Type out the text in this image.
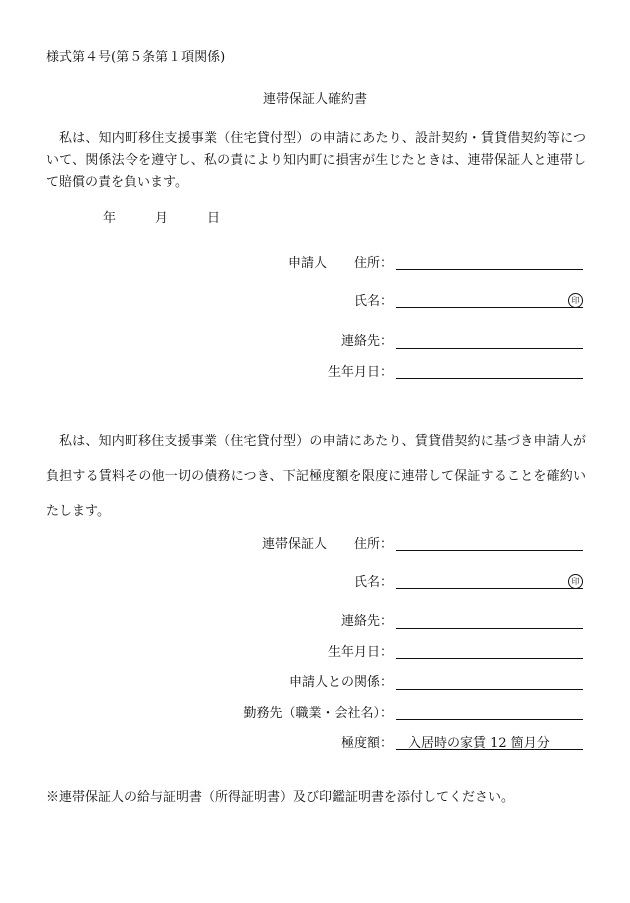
様式第４号(第５条第１項関係)
連帯保証人確約書
私は、知内町移住支援事業（住宅貸付型）の申請にあたり、設計契約・賃貸借契約等について、関係法令を遵守し、私の責により知内町に損害が生じたときは、連帯保証人と連帯して賠償の責を負います。
年	月	日
申請人 住所：
氏名：	印
連絡先：
生年月日：
私は、知内町移住支援事業（住宅貸付型）の申請にあたり、賃貸借契約に基づき申請人が負担する賃料その他一切の債務につき、下記極度額を限度に連帯して保証することを確約いたします。
連帯保証人 住所：
氏名：	印
連絡先：
生年月日：
申請人との関係：
勤務先（職業・会社名）：
極度額： 入居時の家賃 12 箇月分
※連帯保証人の給与証明書（所得証明書）及び印鑑証明書を添付してください。
